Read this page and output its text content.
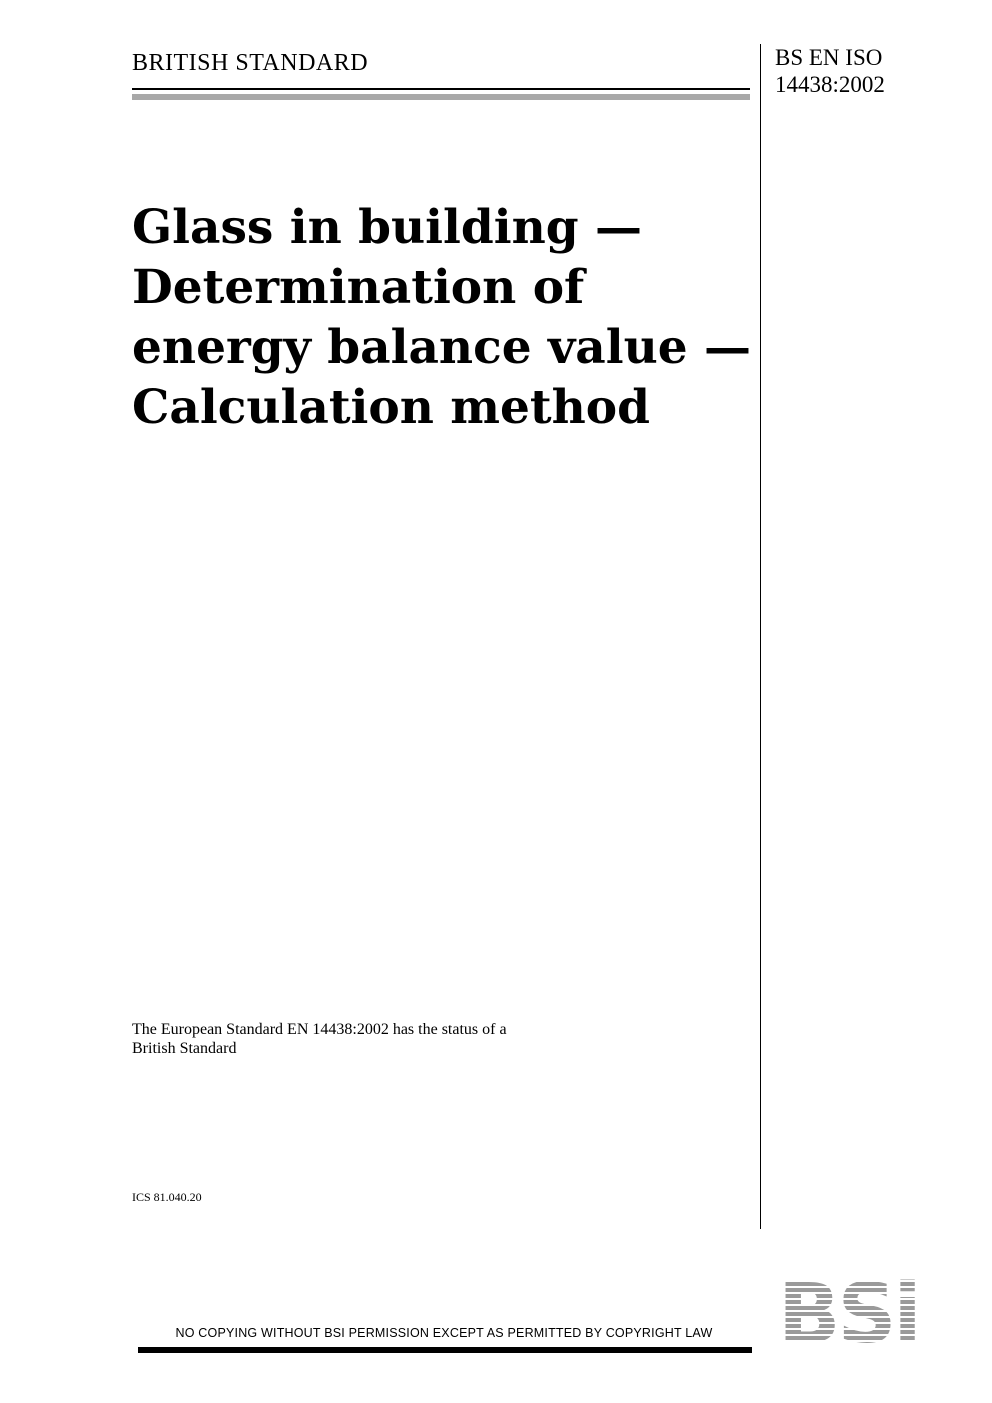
BRITISH STANDARD	BS EN ISO
14438:2002
Glass in building —
Determination of
energy balance value —
Calculation method
The European Standard EN 14438:2002 has the status of a
British Standard
ICS 81.040.20
NO COPYING WITHOUT BSI PERMISSION EXCEPT AS PERMITTED BY COPYRIGHT LAW BSi
